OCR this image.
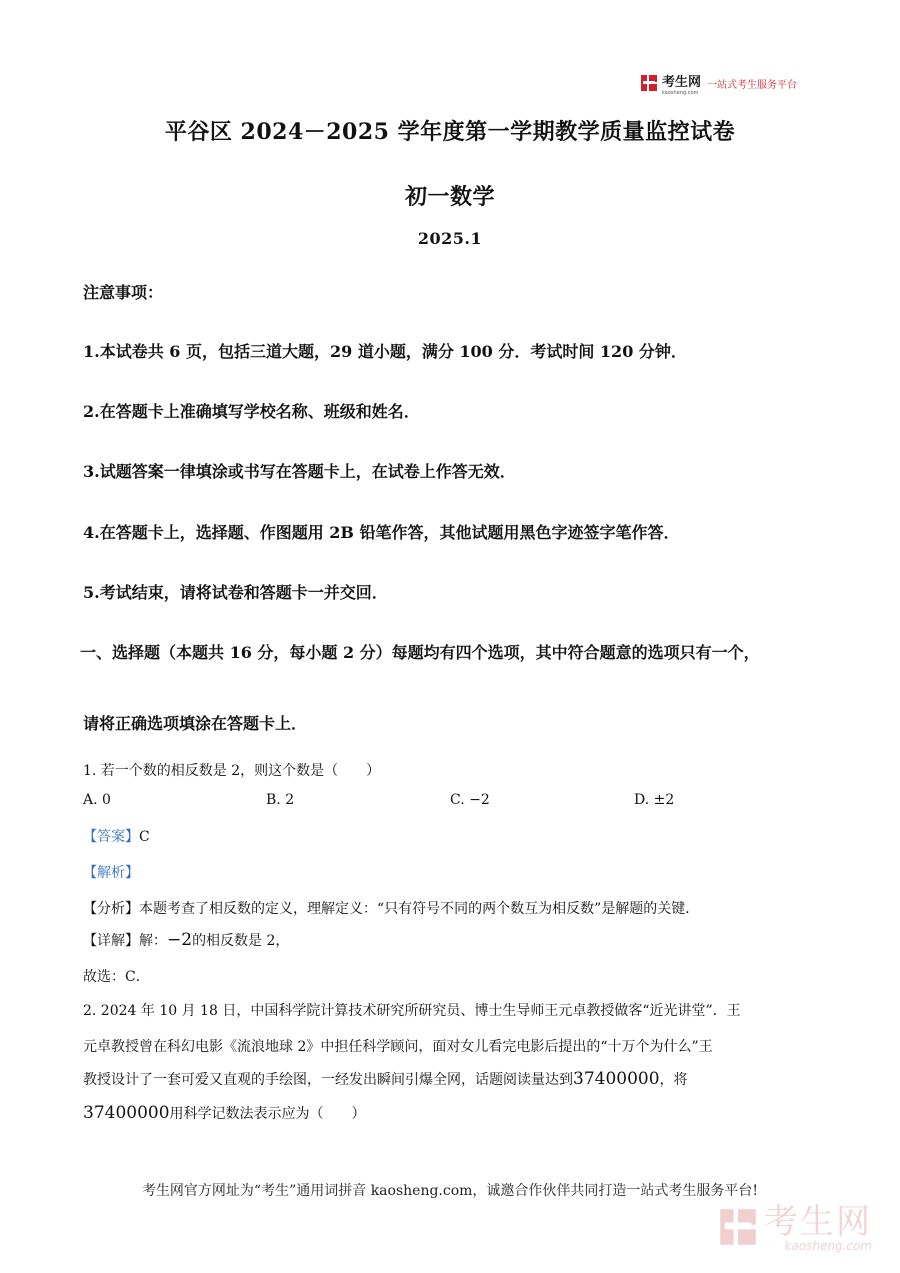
考生网
kaosheng.com
一站式考生服务平台
平谷区 2024－2025 学年度第一学期教学质量监控试卷
初一数学
2025.1
注意事项：
1.本试卷共 6 页，包括三道大题，29 道小题，满分 100 分．考试时间 120 分钟．
2.在答题卡上准确填写学校名称、班级和姓名．
3.试题答案一律填涂或书写在答题卡上，在试卷上作答无效．
4.在答题卡上，选择题、作图题用 2B 铅笔作答，其他试题用黑色字迹签字笔作答．
5.考试结束，请将试卷和答题卡一并交回．
一、选择题（本题共 16 分，每小题 2 分）每题均有四个选项，其中符合题意的选项只有一个，
请将正确选项填涂在答题卡上．
1. 若一个数的相反数是 2，则这个数是（　　）
A. 0	B. 2	C. −2	D. ±2
【答案】C
【解析】
【分析】本题考查了相反数的定义，理解定义：“只有符号不同的两个数互为相反数”是解题的关键．
【详解】解：−2的相反数是 2，
故选：C．
2. 2024 年 10 月 18 日，中国科学院计算技术研究所研究员、博士生导师王元卓教授做客“近光讲堂”．王
元卓教授曾在科幻电影《流浪地球 2》中担任科学顾问，面对女儿看完电影后提出的“十万个为什么”王
教授设计了一套可爱又直观的手绘图，一经发出瞬间引爆全网，话题阅读量达到37400000，将
37400000用科学记数法表示应为（　　）
考生网官方网址为“考生”通用词拼音 kaosheng.com，诚邀合作伙伴共同打造一站式考生服务平台!
考生网
kaosheng.com
